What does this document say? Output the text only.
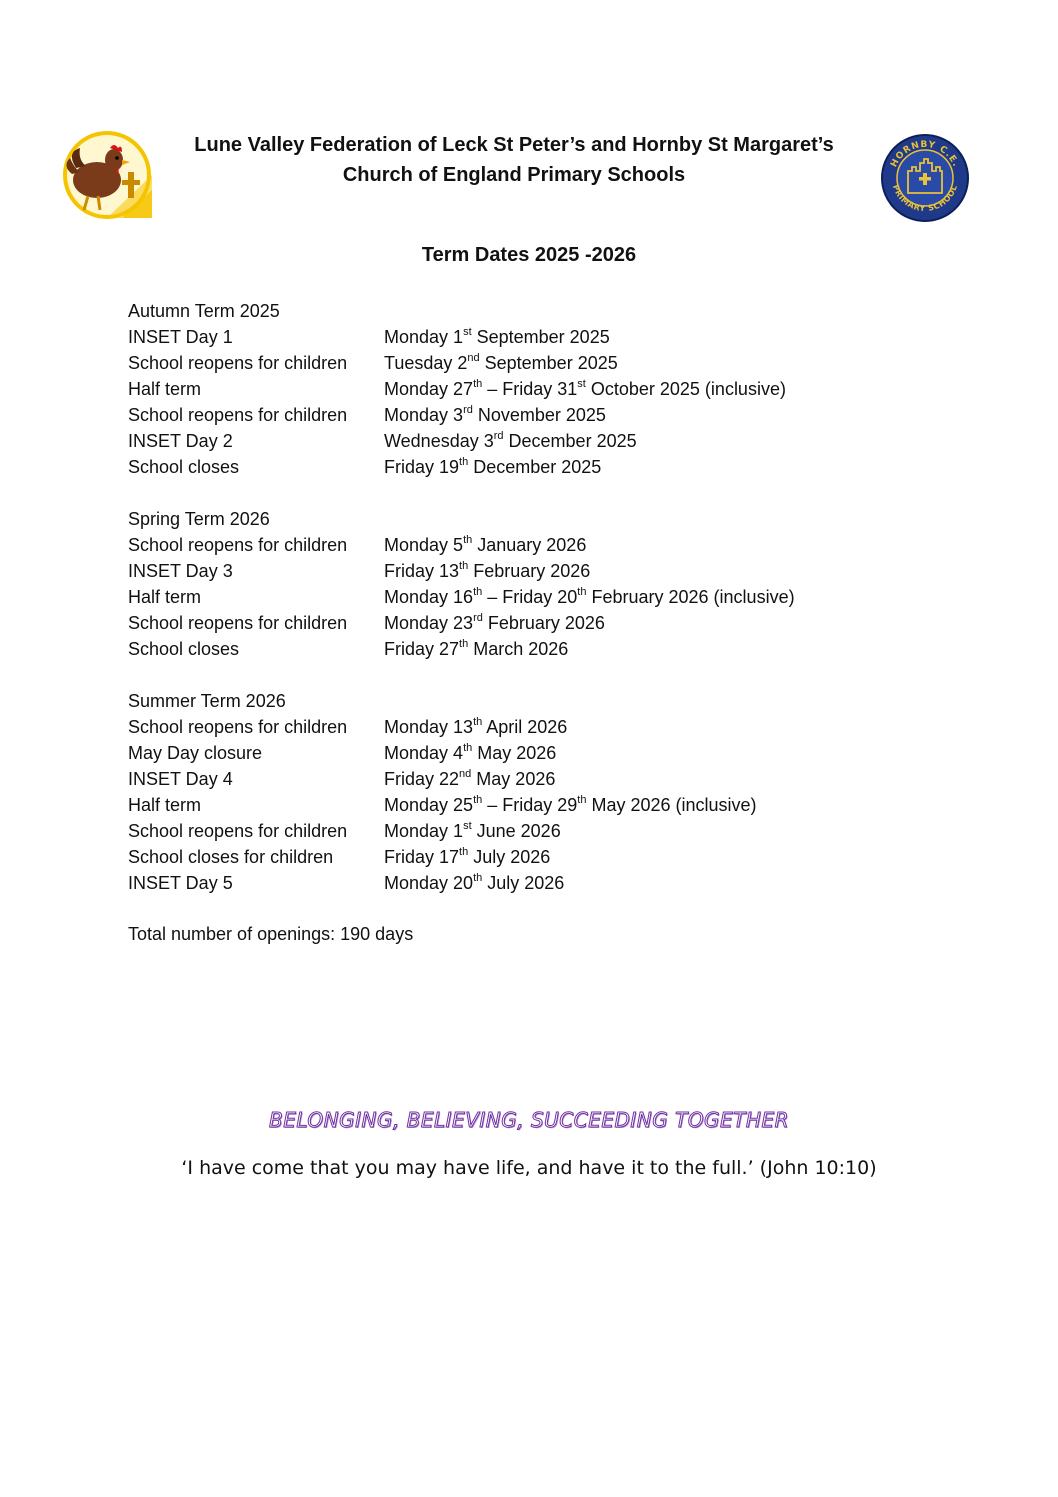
HORNBY C.E.
PRIMARY SCHOOL
Lune Valley Federation of Leck St Peter’s and Hornby St Margaret’s
Church of England Primary Schools
Term Dates 2025 -2026
Autumn Term 2025
INSET Day 1	Monday 1st September 2025
School reopens for children	Tuesday 2nd September 2025
Half term	Monday 27th – Friday 31st October 2025 (inclusive)
School reopens for children	Monday 3rd November 2025
INSET Day 2	Wednesday 3rd December 2025
School closes	Friday 19th December 2025
Spring Term 2026
School reopens for children	Monday 5th January 2026
INSET Day 3	Friday 13th February 2026
Half term	Monday 16th – Friday 20th February 2026 (inclusive)
School reopens for children	Monday 23rd February 2026
School closes	Friday 27th March 2026
Summer Term 2026
School reopens for children	Monday 13th April 2026
May Day closure	Monday 4th May 2026
INSET Day 4	Friday 22nd May 2026
Half term	Monday 25th – Friday 29th May 2026 (inclusive)
School reopens for children	Monday 1st June 2026
School closes for children	Friday 17th July 2026
INSET Day 5	Monday 20th July 2026
Total number of openings: 190 days
BELONGING, BELIEVING, SUCCEEDING TOGETHER
‘I have come that you may have life, and have it to the full.’ (John 10:10)
